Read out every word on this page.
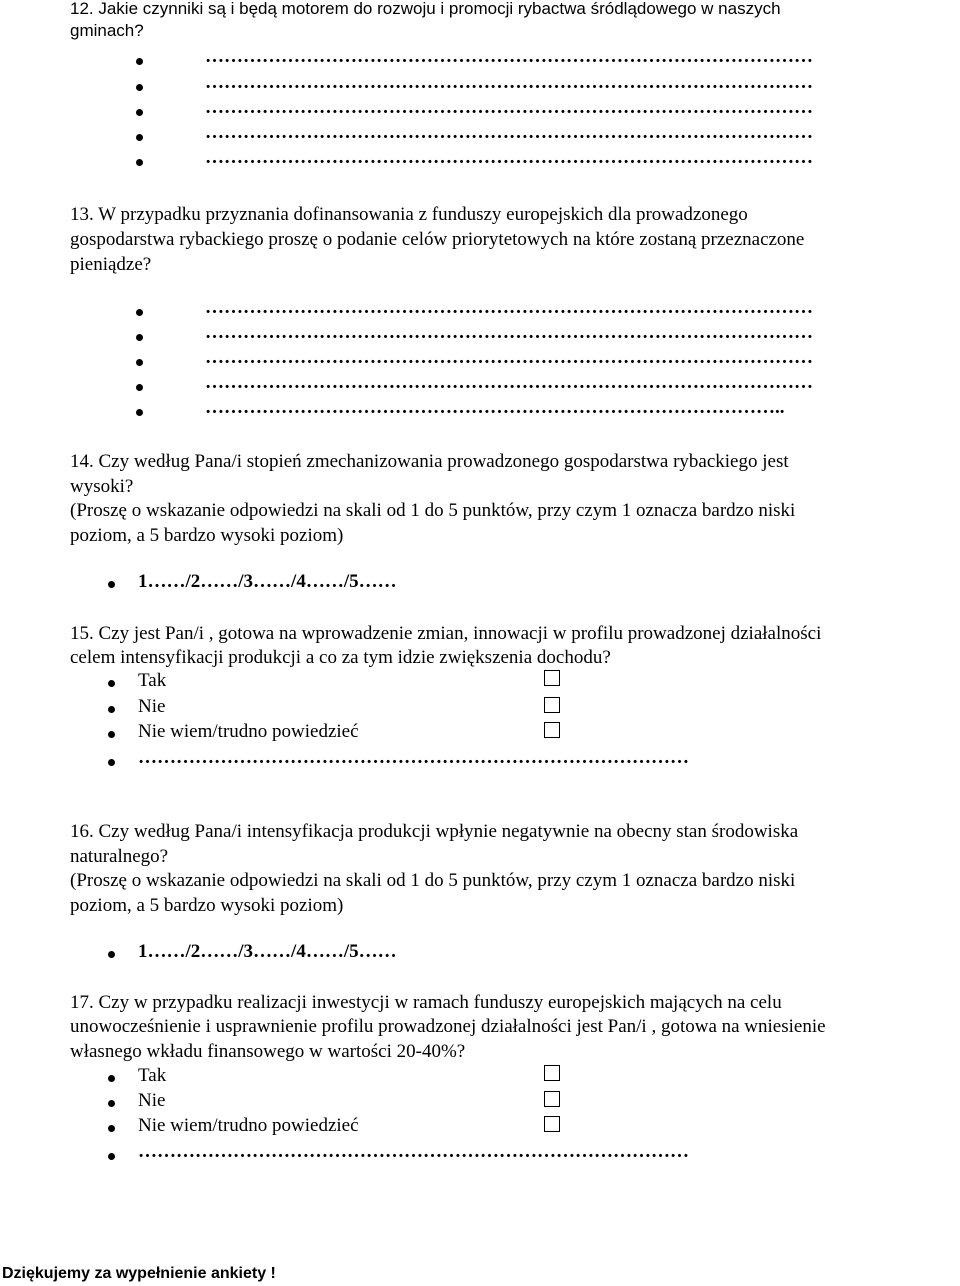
12. Jakie czynniki są i będą motorem do rozwoju i promocji rybactwa śródlądowego w naszych

gminach?

……………………………………………………………………………………
……………………………………………………………………………………
……………………………………………………………………………………
……………………………………………………………………………………
……………………………………………………………………………………

13. W przypadku przyznania dofinansowania z funduszy europejskich dla prowadzonego

gospodarstwa rybackiego proszę o podanie celów priorytetowych na które zostaną przeznaczone

pieniądze?

……………………………………………………………………………………
……………………………………………………………………………………
……………………………………………………………………………………
……………………………………………………………………………………
………………………………………………………………………………..

14. Czy według Pana/i stopień zmechanizowania prowadzonego gospodarstwa rybackiego jest

wysoki?

(Proszę o wskazanie odpowiedzi na skali od 1 do 5 punktów, przy czym 1 oznacza bardzo niski

poziom, a 5 bardzo wysoki poziom)

1……/2……/3……/4……/5……

15. Czy jest Pan/i , gotowa na wprowadzenie zmian, innowacji w profilu prowadzonej działalności

celem intensyfikacji produkcji a co za tym idzie zwiększenia dochodu?

Tak
Nie
Nie wiem/trudno powiedzieć
……………………………………………………………………………

16. Czy według Pana/i intensyfikacja produkcji wpłynie negatywnie na obecny stan środowiska

naturalnego?

(Proszę o wskazanie odpowiedzi na skali od 1 do 5 punktów, przy czym 1 oznacza bardzo niski

poziom, a 5 bardzo wysoki poziom)

1……/2……/3……/4……/5……

17. Czy w przypadku realizacji inwestycji w ramach funduszy europejskich mających na celu

unowocześnienie i usprawnienie profilu prowadzonej działalności jest Pan/i , gotowa na wniesienie

własnego wkładu finansowego w wartości 20-40%?

Tak
Nie
Nie wiem/trudno powiedzieć
……………………………………………………………………………
Dziękujemy za wypełnienie ankiety !
